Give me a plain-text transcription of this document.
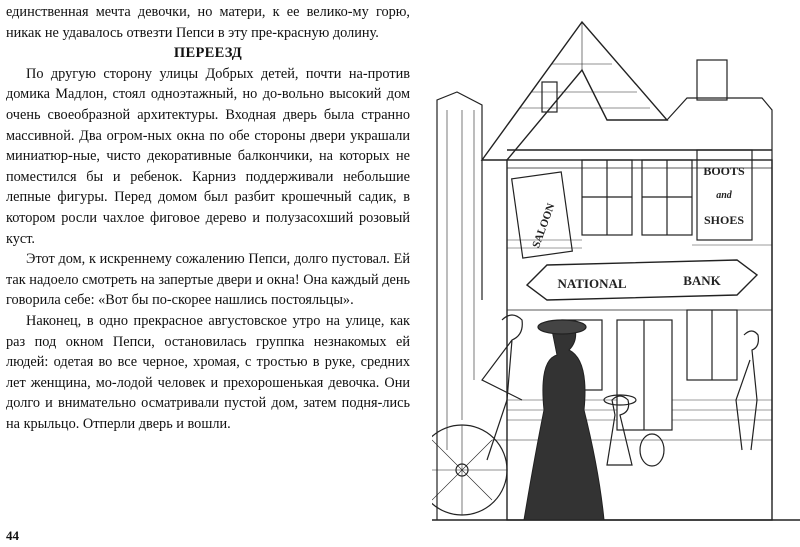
единственная мечта девочки, но матери, к ее велико-му горю, никак не удавалось отвезти Пепси в эту пре-красную долину.

ПЕРЕЕЗД

По другую сторону улицы Добрых детей, почти на-против домика Мадлон, стоял одноэтажный, но до-вольно высокий дом очень своеобразной архитектуры. Входная дверь была странно массивной. Два огром-ных окна по обе стороны двери украшали миниатюр-ные, чисто декоративные балкончики, на которых не поместился бы и ребенок. Карниз поддерживали небольшие лепные фигуры. Перед домом был разбит крошечный садик, в котором росли чахлое фиговое дерево и полузасохший розовый куст.

Этот дом, к искреннему сожалению Пепси, долго пустовал. Ей так надоело смотреть на запертые двери и окна! Она каждый день говорила себе: «Вот бы по-скорее нашлись постояльцы».

Наконец, в одно прекрасное августовское утро на улице, как раз под окном Пепси, остановилась группка незнакомых ей людей: одетая во все черное, хромая, с тростью в руке, средних лет женщина, мо-лодой человек и прехорошенькая девочка. Они долго и внимательно осматривали пустой дом, затем подня-лись на крыльцо. Отперли дверь и вошли.

44
SALOON
BOOTS
and
SHOES
NATIONAL	BANK
